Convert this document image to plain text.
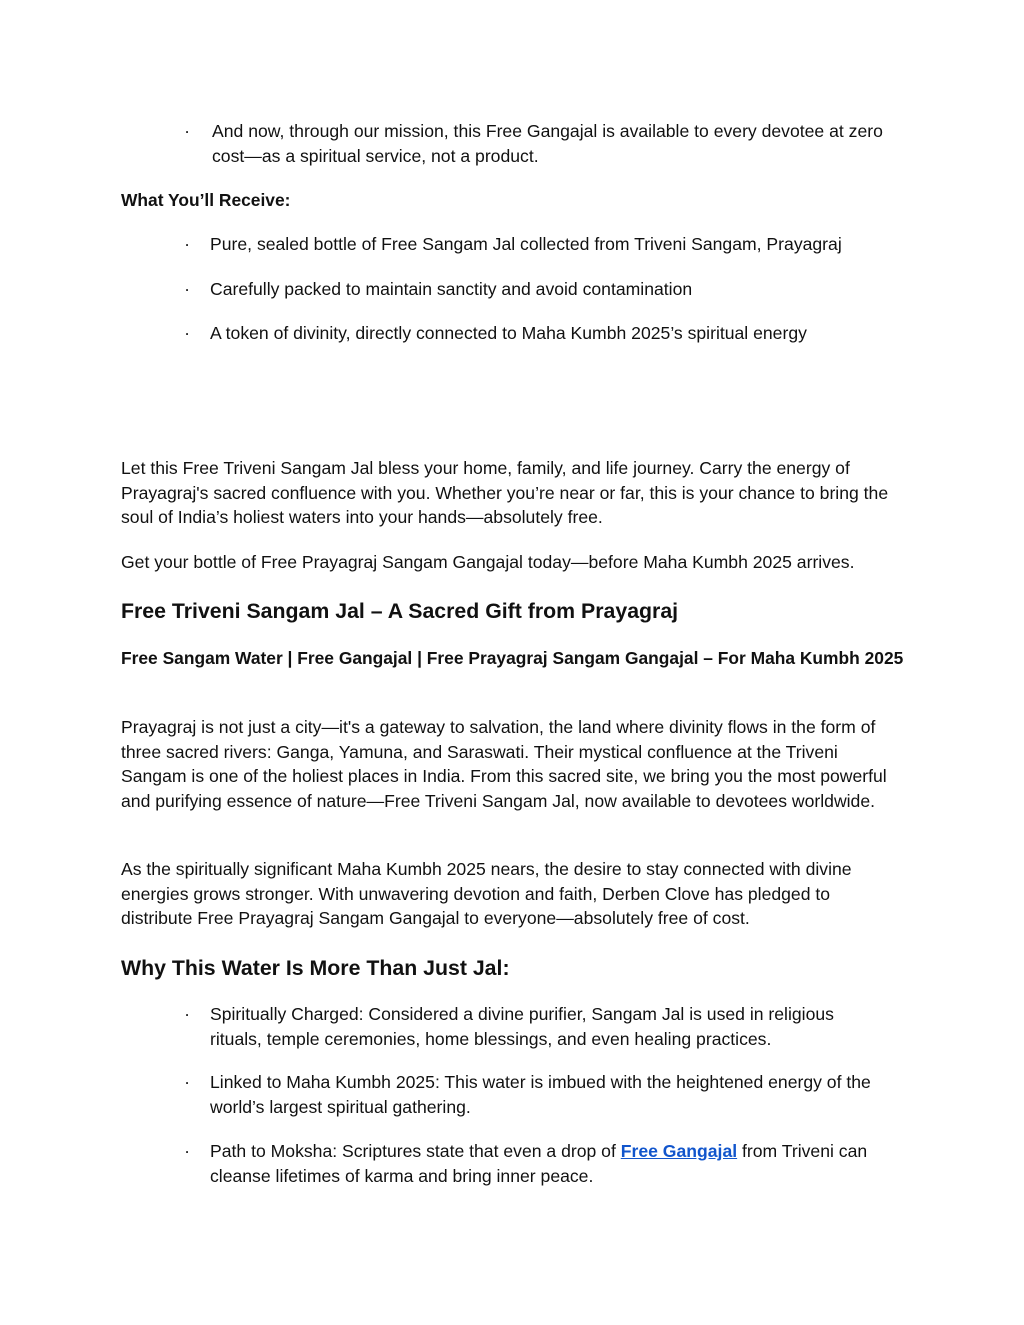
· And now, through our mission, this Free Gangajal is available to every devotee at zero cost—as a spiritual service, not a product.

What You’ll Receive:

· Pure, sealed bottle of Free Sangam Jal collected from Triveni Sangam, Prayagraj
· Carefully packed to maintain sanctity and avoid contamination
· A token of divinity, directly connected to Maha Kumbh 2025’s spiritual energy

Let this Free Triveni Sangam Jal bless your home, family, and life journey. Carry the energy of Prayagraj's sacred confluence with you. Whether you’re near or far, this is your chance to bring the soul of India’s holiest waters into your hands—absolutely free.

Get your bottle of Free Prayagraj Sangam Gangajal today—before Maha Kumbh 2025 arrives.

Free Triveni Sangam Jal – A Sacred Gift from Prayagraj
Free Sangam Water | Free Gangajal | Free Prayagraj Sangam Gangajal – For Maha Kumbh 2025

Prayagraj is not just a city—it's a gateway to salvation, the land where divinity flows in the form of three sacred rivers: Ganga, Yamuna, and Saraswati. Their mystical confluence at the Triveni Sangam is one of the holiest places in India. From this sacred site, we bring you the most powerful and purifying essence of nature—Free Triveni Sangam Jal, now available to devotees worldwide.

As the spiritually significant Maha Kumbh 2025 nears, the desire to stay connected with divine energies grows stronger. With unwavering devotion and faith, Derben Clove has pledged to distribute Free Prayagraj Sangam Gangajal to everyone—absolutely free of cost.

Why This Water Is More Than Just Jal:
· Spiritually Charged: Considered a divine purifier, Sangam Jal is used in religious rituals, temple ceremonies, home blessings, and even healing practices.
· Linked to Maha Kumbh 2025: This water is imbued with the heightened energy of the world’s largest spiritual gathering.
· Path to Moksha: Scriptures state that even a drop of Free Gangajal from Triveni can cleanse lifetimes of karma and bring inner peace.
